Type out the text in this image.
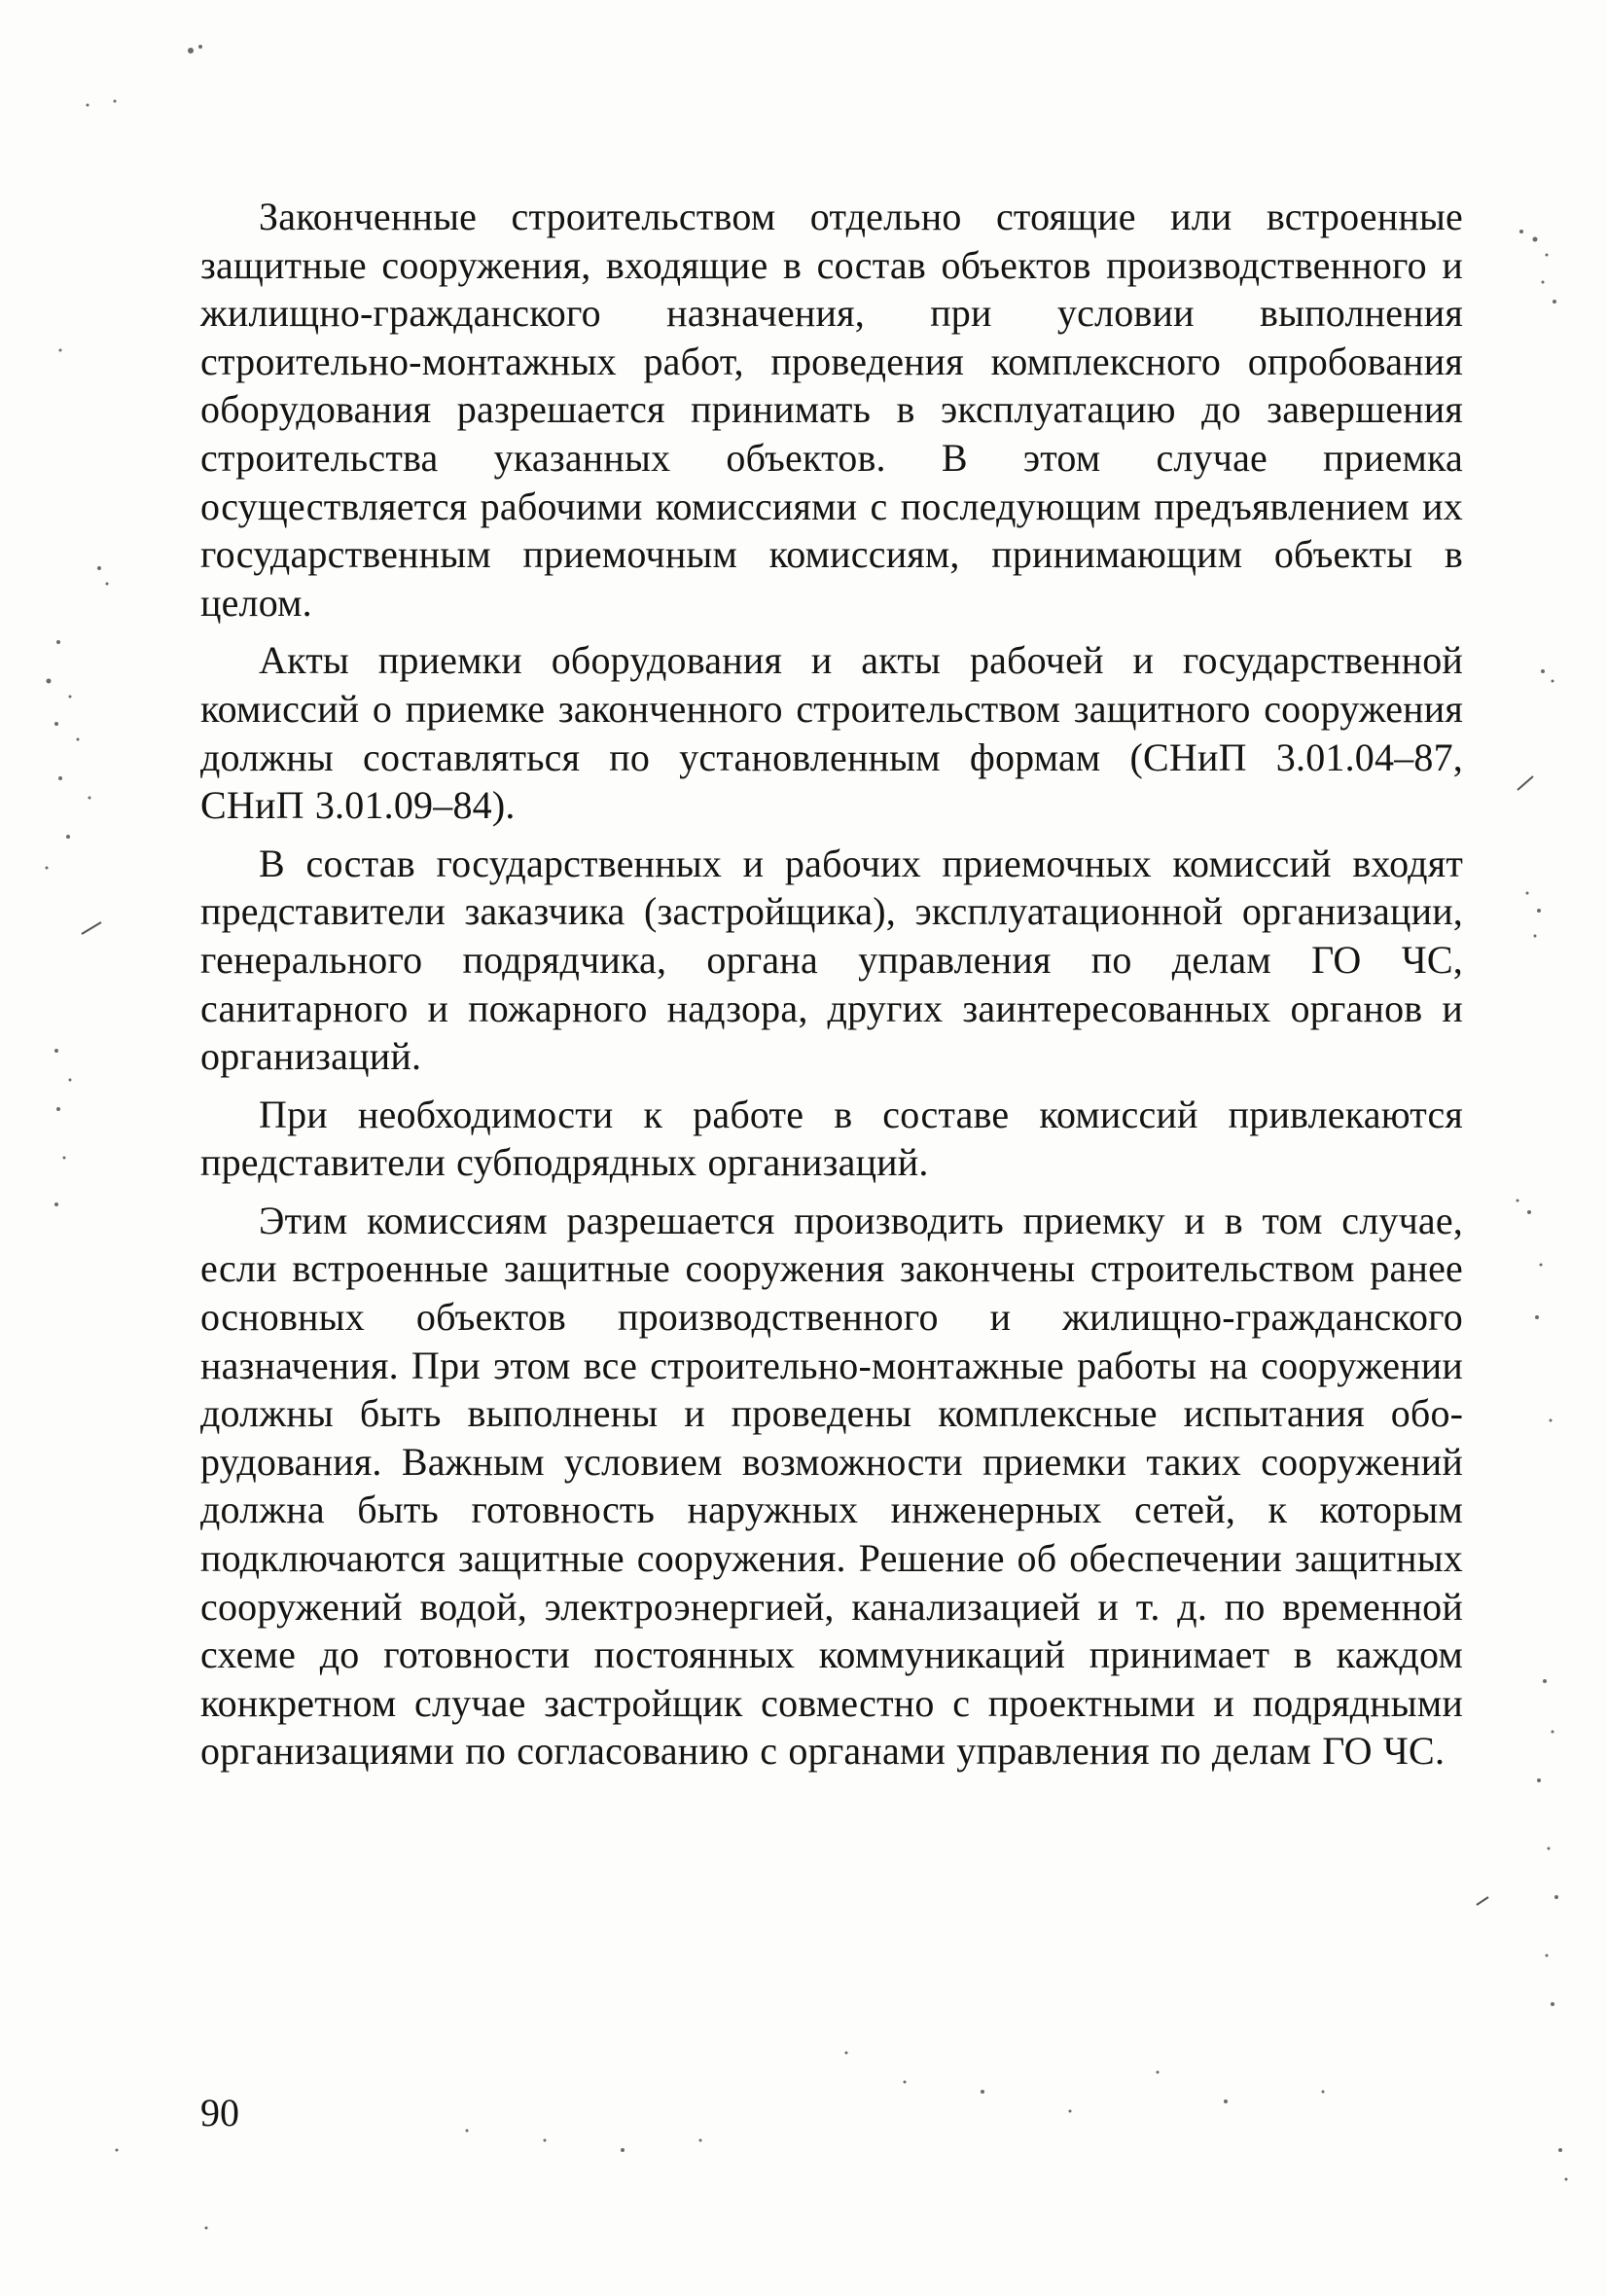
Законченные строительством отдельно стоящие или встроенные защитные сооружения, входящие в состав объектов производственного и жилищно-гражданского назначения, при условии выполнения строительно-монтажных работ, проведения комплексного опробования оборудования разрешается принимать в эксплуатацию до завершения строительства указанных объектов. В этом случае приемка осуществляется рабочими комиссиями с последующим предъявлением их государственным приемочным комиссиям, принимающим объекты в целом.

Акты приемки оборудования и акты рабочей и государственной комиссий о приемке законченного строительством защитного сооружения должны составляться по установленным формам (СНиП 3.01.04–87, СНиП 3.01.09–84).

В состав государственных и рабочих приемочных комиссий входят представители заказчика (застройщика), эксплуатационной организации, генерального подрядчика, органа управления по делам ГО ЧС, санитарного и пожарного надзора, других заинтересованных органов и организаций.

При необходимости к работе в составе комиссий привлекаются представители субподрядных организаций.

Этим комиссиям разрешается производить приемку и в том случае, если встроенные защитные сооружения закончены строительством ранее основных объектов производственного и жилищно-гражданского назначения. При этом все строительно-монтажные работы на сооружении должны быть выполнены и проведены комплексные испытания оборудования. Важным условием возможности приемки таких сооружений должна быть готовность наружных инженерных сетей, к которым подключаются защитные сооружения. Решение об обеспечении защитных сооружений водой, электроэнергией, канализацией и т. д. по временной схеме до готовности постоянных коммуникаций принимает в каждом конкретном случае застройщик совместно с проектными и подрядными организациями по согласованию с органами управления по делам ГО ЧС.

90
